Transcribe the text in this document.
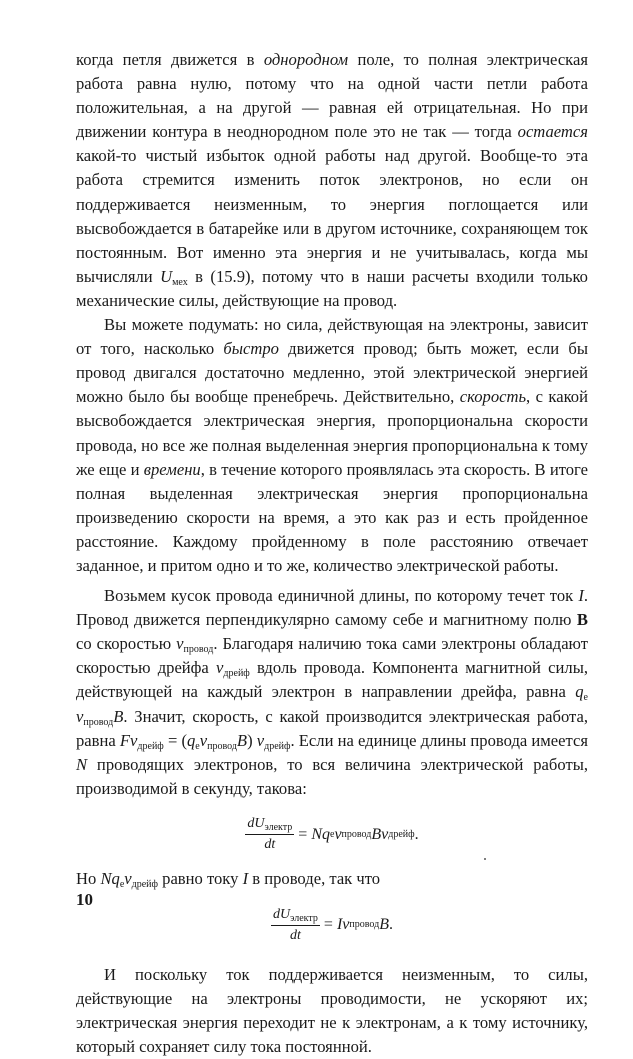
когда петля движется в однородном поле, то полная электрическая работа равна нулю, потому что на одной части петли работа положительная, а на другой — равная ей отрицательная. Но при движении контура в неоднородном поле это не так — тогда остается какой-то чистый избыток одной работы над другой. Вообще-то эта работа стремится изменить поток электронов, но если он поддерживается неизменным, то энергия поглощается или высвобождается в батарейке или в другом источнике, сохраняющем ток постоянным. Вот именно эта энергия и не учитывалась, когда мы вычисляли $U_{мех}$ в (15.9), потому что в наши расчеты входили только механические силы, действующие на провод.

Вы можете подумать: но сила, действующая на электроны, зависит от того, насколько быстро движется провод; быть может, если бы провод двигался достаточно медленно, этой электрической энергией можно было бы вообще пренебречь. Действительно, скорость, с какой высвобождается электрическая энергия, пропорциональна скорости провода, но все же полная выделенная энергия пропорциональна к тому же еще и времени, в течение которого проявлялась эта скорость. В итоге полная выделенная электрическая энергия пропорциональна произведению скорости на время, а это как раз и есть пройденное расстояние. Каждому пройденному в поле расстоянию отвечает заданное, и притом одно и то же, количество электрической работы.

Возьмем кусок провода единичной длины, по которому течет ток I. Провод движется перпендикулярно самому себе и магнитному полю B со скоростью $v_{провод}$. Благодаря наличию тока сами электроны обладают скоростью дрейфа $v_{дрейф}$ вдоль провода. Компонента магнитной силы, действующей на каждый электрон в направлении дрейфа, равна $q_e$ $v_{провод}B$. Значит, скорость, с какой производится электрическая работа, равна $Fv_{дрейф} = (q_ev_{провод}B)$ $v_{дрейф}$. Если на единице длины провода имеется N проводящих электронов, то вся величина электрической работы, производимой в секунду, такова:

$\frac{dU_{электр}}{dt}$ =
Nq e v провод B v дрейф .

Но $Nq_ev_{дрейф}$ равно току I в проводе, так что

$\frac{dU_{электр}}{dt}$ =
Iv провод B .

И поскольку ток поддерживается неизменным, то силы, действующие на электроны проводимости, не ускоряют их; электрическая энергия переходит не к электронам, а к тому источнику, который сохраняет силу тока постоянной.

10
